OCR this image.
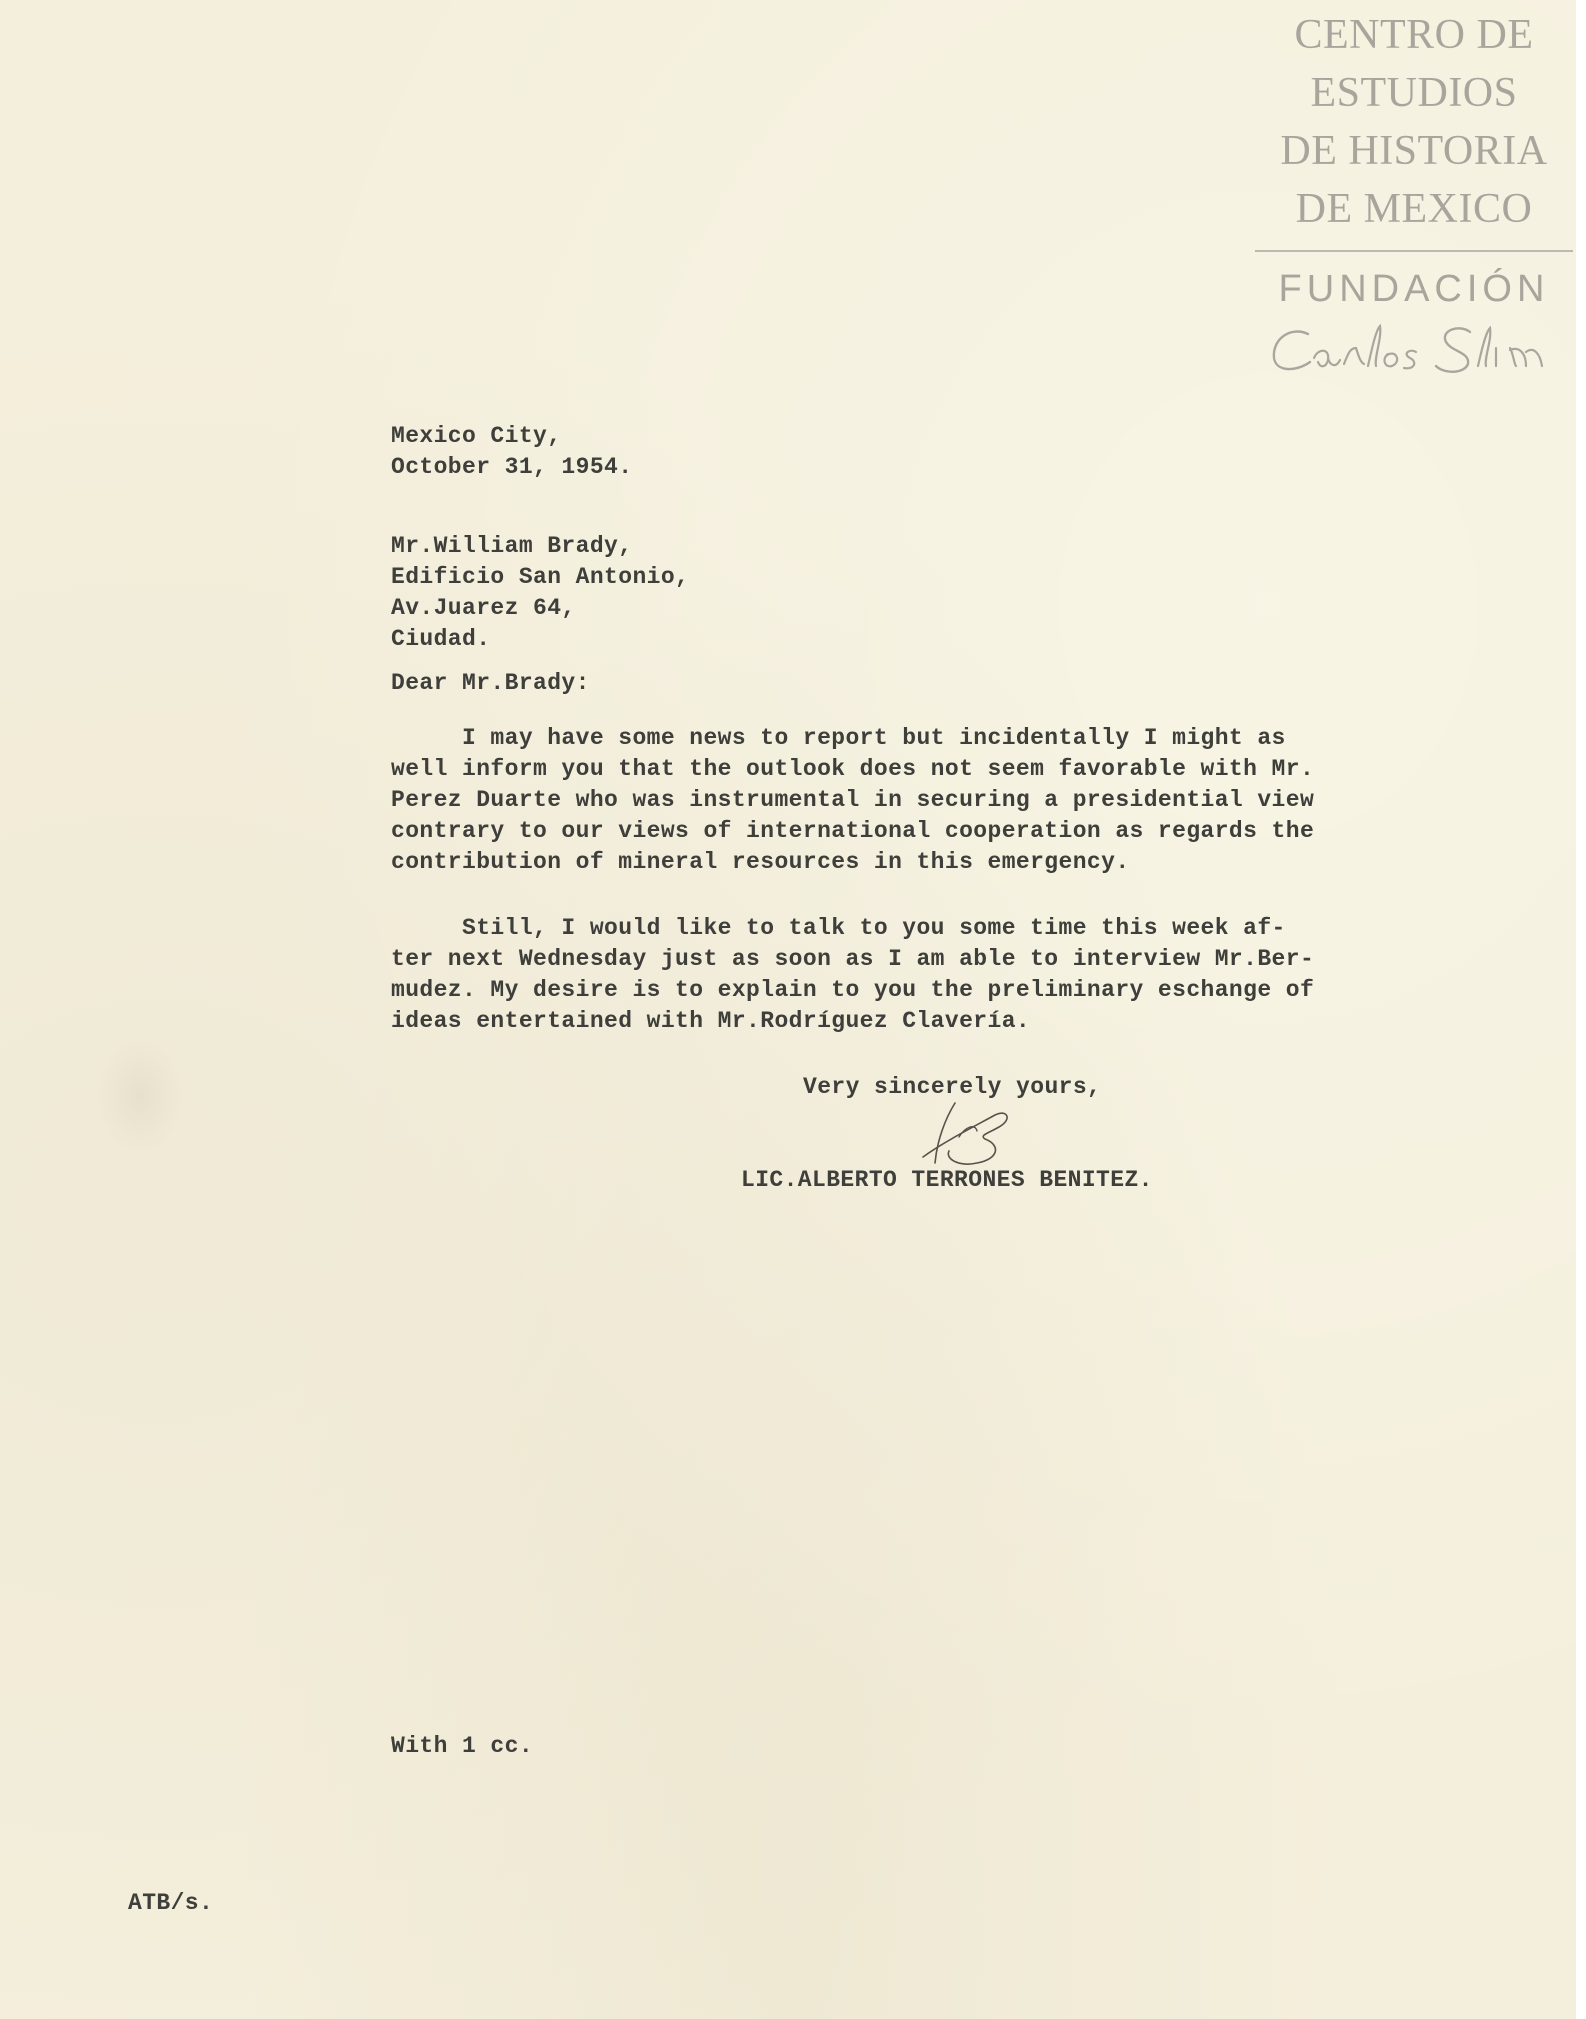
CENTRO DE
ESTUDIOS
DE HISTORIA
DE MEXICO
FUNDACIÓN
Mexico City,
October 31, 1954.
Mr.William Brady,
Edificio San Antonio,
Av.Juarez 64,
Ciudad.
Dear Mr.Brady:
I may have some news to report but incidentally I might as
well inform you that the outlook does not seem favorable with Mr.
Perez Duarte who was instrumental in securing a presidential view
contrary to our views of international cooperation as regards the
contribution of mineral resources in this emergency.
Still, I would like to talk to you some time this week af-
ter next Wednesday just as soon as I am able to interview Mr.Ber-
mudez. My desire is to explain to you the preliminary eschange of
ideas entertained with Mr.Rodríguez Clavería.
Very sincerely yours,
LIC.ALBERTO TERRONES BENITEZ.
With 1 cc.
ATB/s.
